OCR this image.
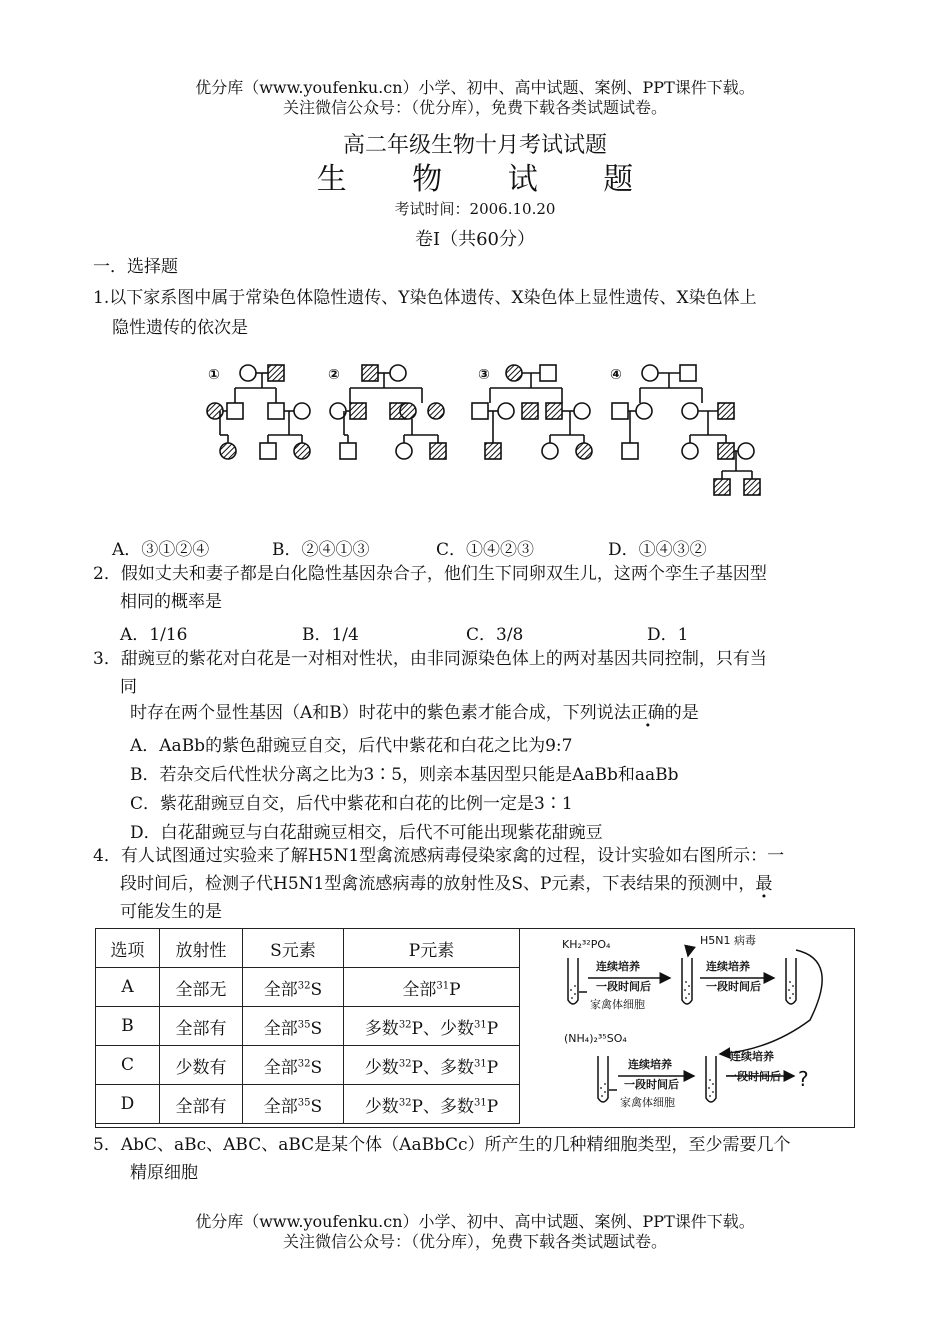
优分库（www.youfenku.cn）小学、初中、高中试题、案例、PPT课件下载。
关注微信公众号：（优分库），免费下载各类试题试卷。
高二年级生物十月考试试题
生 物 试 题
考试时间：2006.10.20
卷Ⅰ（共60分）
一．选择题
1.以下家系图中属于常染色体隐性遗传、Y染色体遗传、X染色体上显性遗传、X染色体上
隐性遗传的依次是
①	②	③	④
A．③①②④	B．②④①③	C．①④②③	D．①④③②
2．假如丈夫和妻子都是白化隐性基因杂合子，他们生下同卵双生儿，这两个孪生子基因型
相同的概率是
A．1/16	B．1/4	C．3/8	D．1
3．甜豌豆的紫花对白花是一对相对性状，由非同源染色体上的两对基因共同控制，只有当
同
时存在两个显性基因（A和B）时花中的紫色素才能合成，下列说法正确的是
A．AaBb的紫色甜豌豆自交，后代中紫花和白花之比为9:7
B．若杂交后代性状分离之比为3∶5，则亲本基因型只能是AaBb和aaBb
C．紫花甜豌豆自交，后代中紫花和白花的比例一定是3∶1
D．白花甜豌豆与白花甜豌豆相交，后代不可能出现紫花甜豌豆
4．有人试图通过实验来了解H5N1型禽流感病毒侵染家禽的过程，设计实验如右图所示：一
段时间后，检测子代H5N1型禽流感病毒的放射性及S、P元素，下表结果的预测中，最
可能发生的是
选项	放射性	S元素	P元素
A	全部无	全部$^{32}$S	全部$^{31}$P
B	全部有	全部$^{35}$S	多数$^{32}$P、少数$^{31}$P
C	少数有	全部$^{32}$S	少数$^{32}$P、多数$^{31}$P
D	全部有	全部$^{35}$S	少数$^{32}$P、多数$^{31}$P
KH₂³²PO₄	H5N1 病毒
连续培养
一段时间后
连续培养
一段时间后
家禽体细胞
(NH₄)₂³⁵SO₄
连续培养
一段时间后
家禽体细胞
连续培养
一段时间后 ?
5．AbC、aBc、ABC、aBC是某个体（AaBbCc）所产生的几种精细胞类型，至少需要几个
精原细胞
优分库（www.youfenku.cn）小学、初中、高中试题、案例、PPT课件下载。
关注微信公众号：（优分库），免费下载各类试题试卷。
